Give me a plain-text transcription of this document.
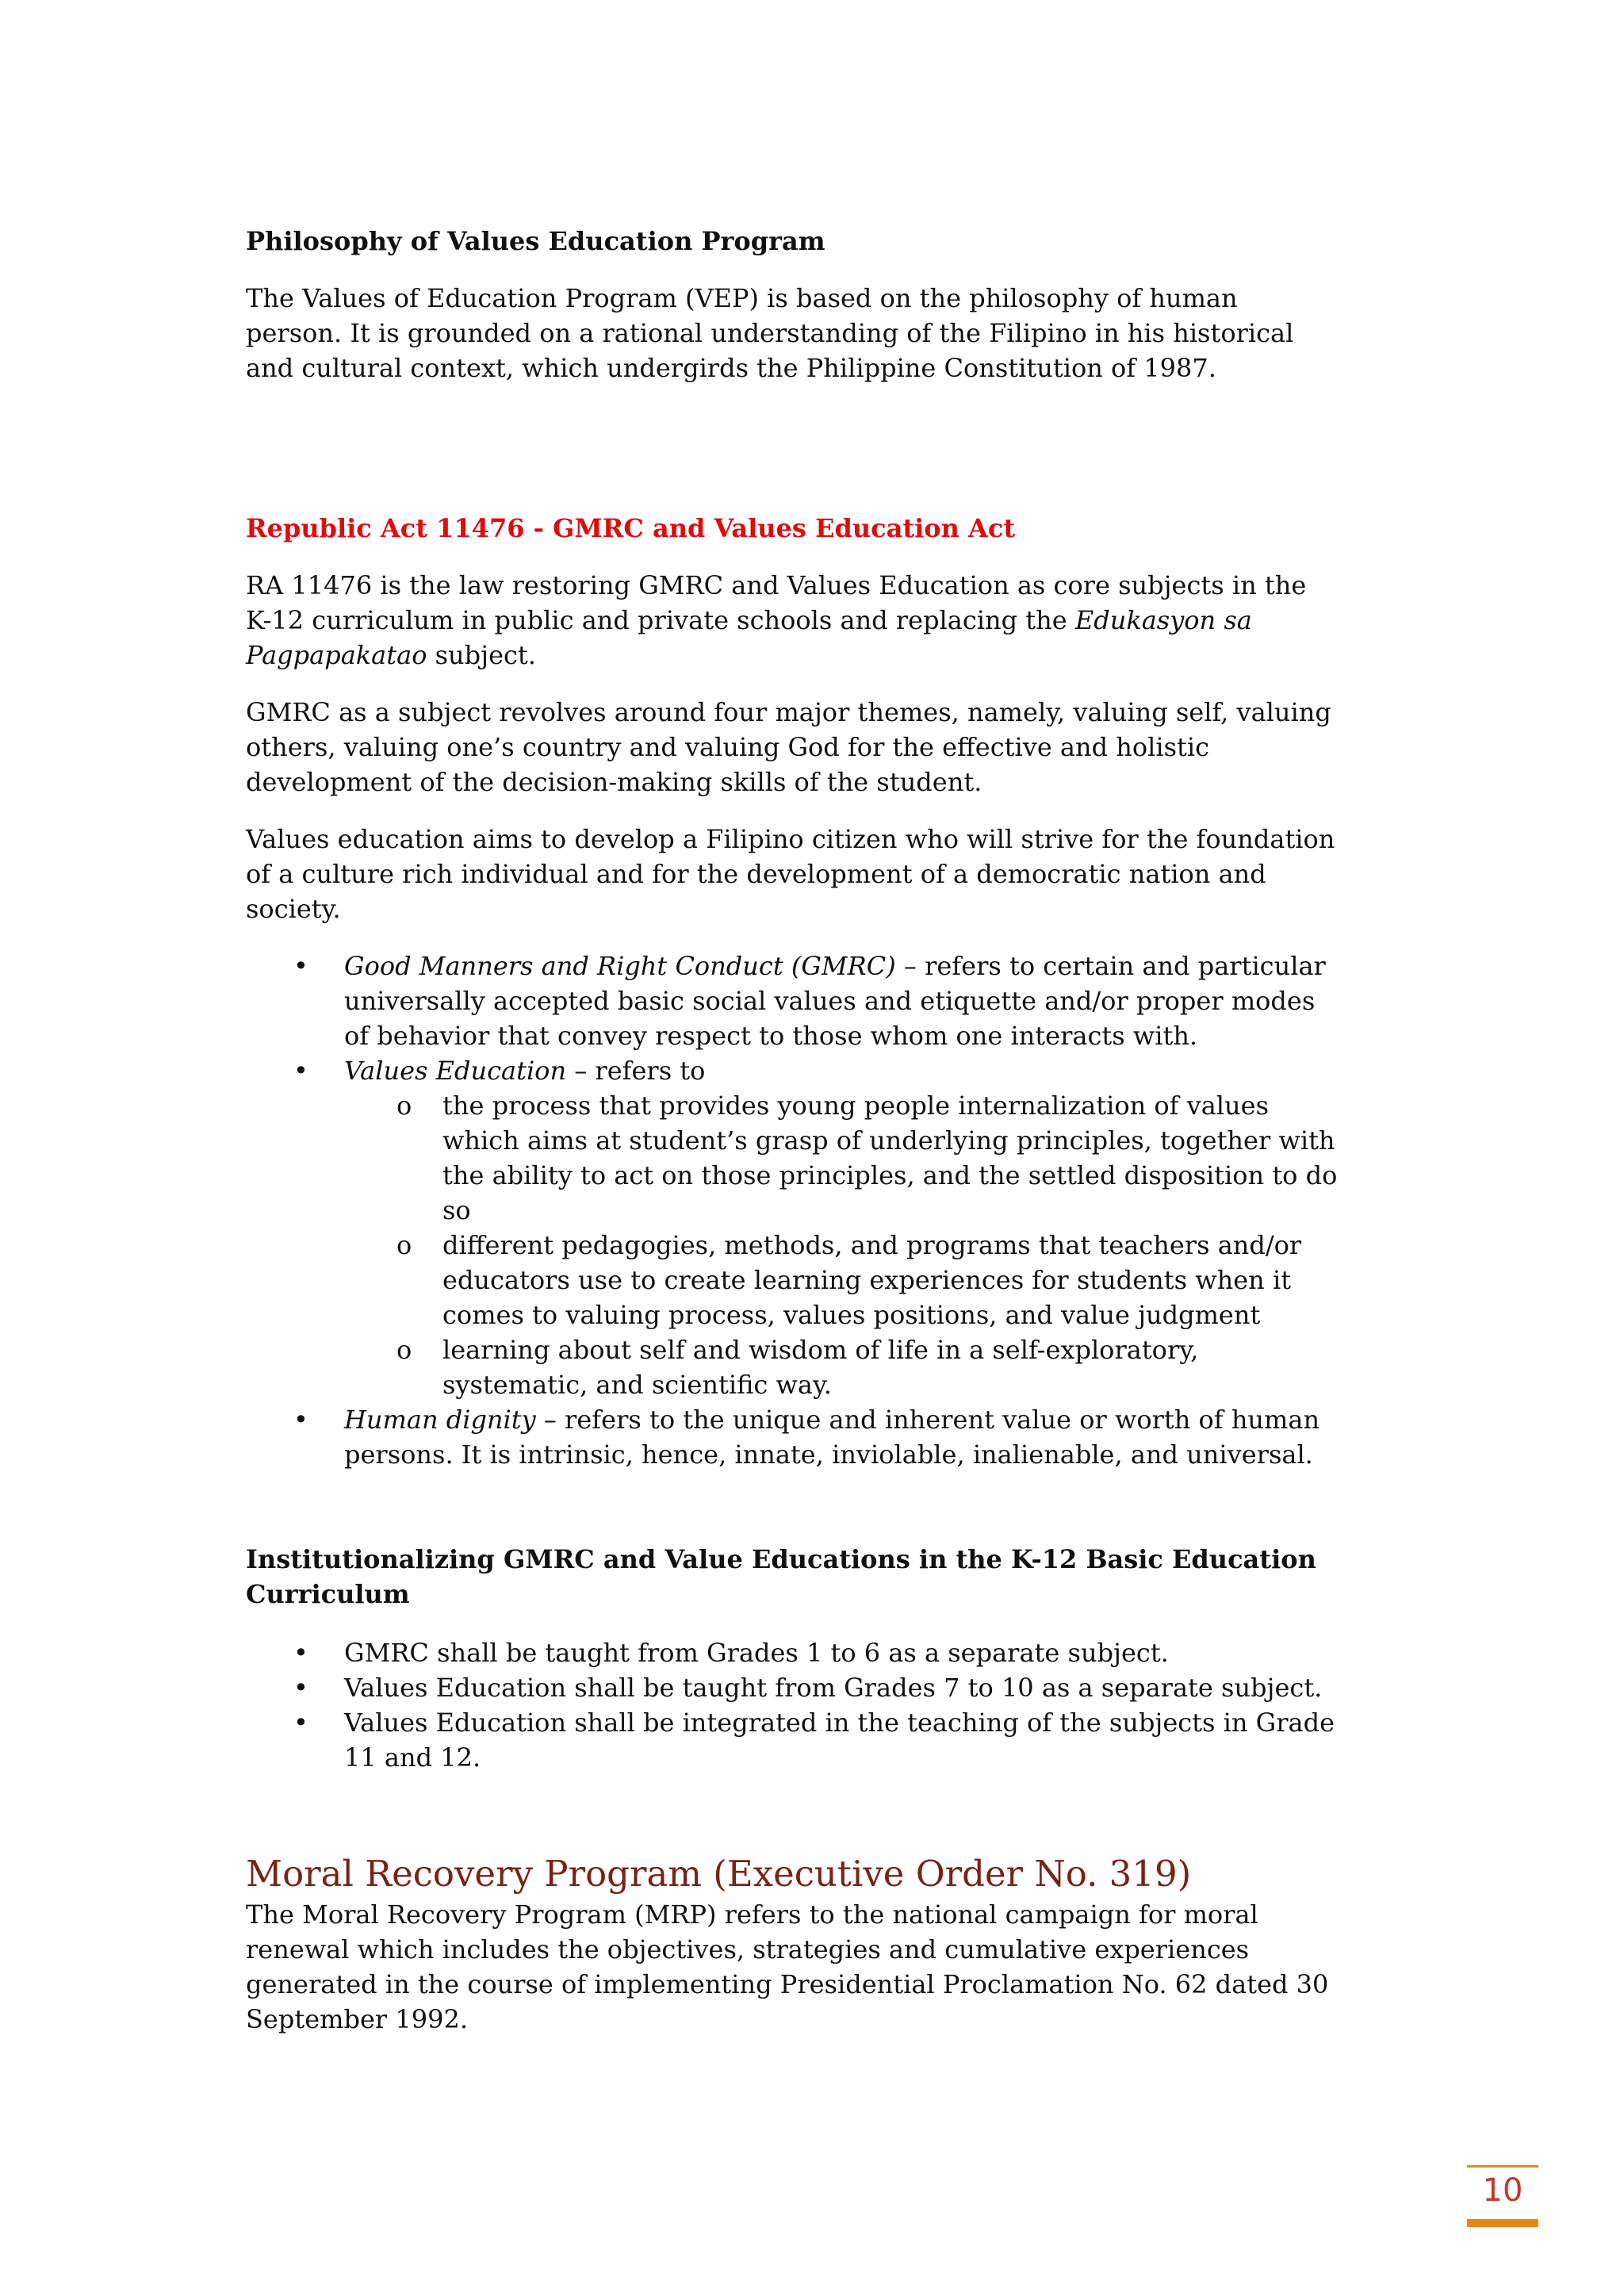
Philosophy of Values Education Program

The Values of Education Program (VEP) is based on the philosophy of human
person. It is grounded on a rational understanding of the Filipino in his historical
and cultural context, which undergirds the Philippine Constitution of 1987.

Republic Act 11476 - GMRC and Values Education Act

RA 11476 is the law restoring GMRC and Values Education as core subjects in the
K-12 curriculum in public and private schools and replacing the Edukasyon sa
Pagpapakatao subject.

GMRC as a subject revolves around four major themes, namely, valuing self, valuing
others, valuing one’s country and valuing God for the effective and holistic
development of the decision-making skills of the student.

Values education aims to develop a Filipino citizen who will strive for the foundation
of a culture rich individual and for the development of a democratic nation and
society.

• Good Manners and Right Conduct (GMRC) – refers to certain and particular
universally accepted basic social values and etiquette and/or proper modes
of behavior that convey respect to those whom one interacts with.
• Values Education – refers to
o the process that provides young people internalization of values
which aims at student’s grasp of underlying principles, together with
the ability to act on those principles, and the settled disposition to do
so
o different pedagogies, methods, and programs that teachers and/or
educators use to create learning experiences for students when it
comes to valuing process, values positions, and value judgment
o learning about self and wisdom of life in a self-exploratory,
systematic, and scientific way.
• Human dignity – refers to the unique and inherent value or worth of human
persons. It is intrinsic, hence, innate, inviolable, inalienable, and universal.
Institutionalizing GMRC and Value Educations in the K-12 Basic Education
Curriculum
• GMRC shall be taught from Grades 1 to 6 as a separate subject.
• Values Education shall be taught from Grades 7 to 10 as a separate subject.
• Values Education shall be integrated in the teaching of the subjects in Grade
11 and 12.
Moral Recovery Program (Executive Order No. 319)

The Moral Recovery Program (MRP) refers to the national campaign for moral
renewal which includes the objectives, strategies and cumulative experiences
generated in the course of implementing Presidential Proclamation No. 62 dated 30
September 1992.

10
